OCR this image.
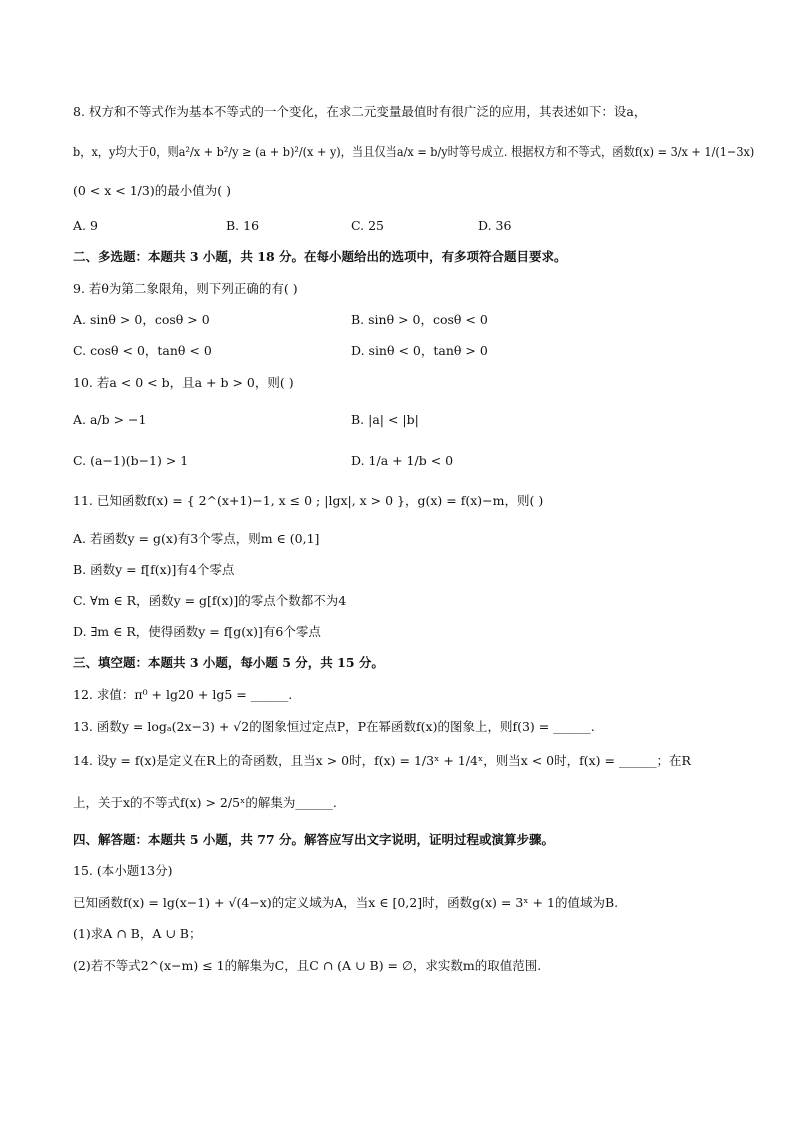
8. 权方和不等式作为基本不等式的一个变化，在求二元变量最值时有很广泛的应用，其表述如下：设a，
b，x，y均大于0，则a²/x + b²/y ≥ (a + b)²/(x + y)，当且仅当a/x = b/y时等号成立. 根据权方和不等式，函数f(x) = 3/x + 1/(1−3x)
(0 < x < 1/3)的最小值为( )
A. 9	B. 16	C. 25	D. 36
二、多选题：本题共 3 小题，共 18 分。在每小题给出的选项中，有多项符合题目要求。
9. 若θ为第二象限角，则下列正确的有( )
A. sinθ > 0，cosθ > 0	B. sinθ > 0，cosθ < 0
C. cosθ < 0，tanθ < 0	D. sinθ < 0，tanθ > 0
10. 若a < 0 < b，且a + b > 0，则( )
A. a/b > −1	B. |a| < |b|
C. (a−1)(b−1) > 1	D. 1/a + 1/b < 0
11. 已知函数f(x) = { 2^(x+1)−1, x ≤ 0 ; |lgx|, x > 0 }，g(x) = f(x)−m，则( )
A. 若函数y = g(x)有3个零点，则m ∈ (0,1]
B. 函数y = f[f(x)]有4个零点
C. ∀m ∈ R，函数y = g[f(x)]的零点个数都不为4
D. ∃m ∈ R，使得函数y = f[g(x)]有6个零点
三、填空题：本题共 3 小题，每小题 5 分，共 15 分。
12. 求值：π⁰ + lg20 + lg5 = ______.
13. 函数y = logₐ(2x−3) + √2的图象恒过定点P，P在幂函数f(x)的图象上，则f(3) = ______.
14. 设y = f(x)是定义在R上的奇函数，且当x > 0时，f(x) = 1/3ˣ + 1/4ˣ，则当x < 0时，f(x) = ______；在R
上，关于x的不等式f(x) > 2/5ˣ的解集为______.
四、解答题：本题共 5 小题，共 77 分。解答应写出文字说明，证明过程或演算步骤。
15. (本小题13分)
已知函数f(x) = lg(x−1) + √(4−x)的定义域为A，当x ∈ [0,2]时，函数g(x) = 3ˣ + 1的值域为B.
(1)求A ∩ B，A ∪ B；
(2)若不等式2^(x−m) ≤ 1的解集为C，且C ∩ (A ∪ B) = ∅，求实数m的取值范围.
